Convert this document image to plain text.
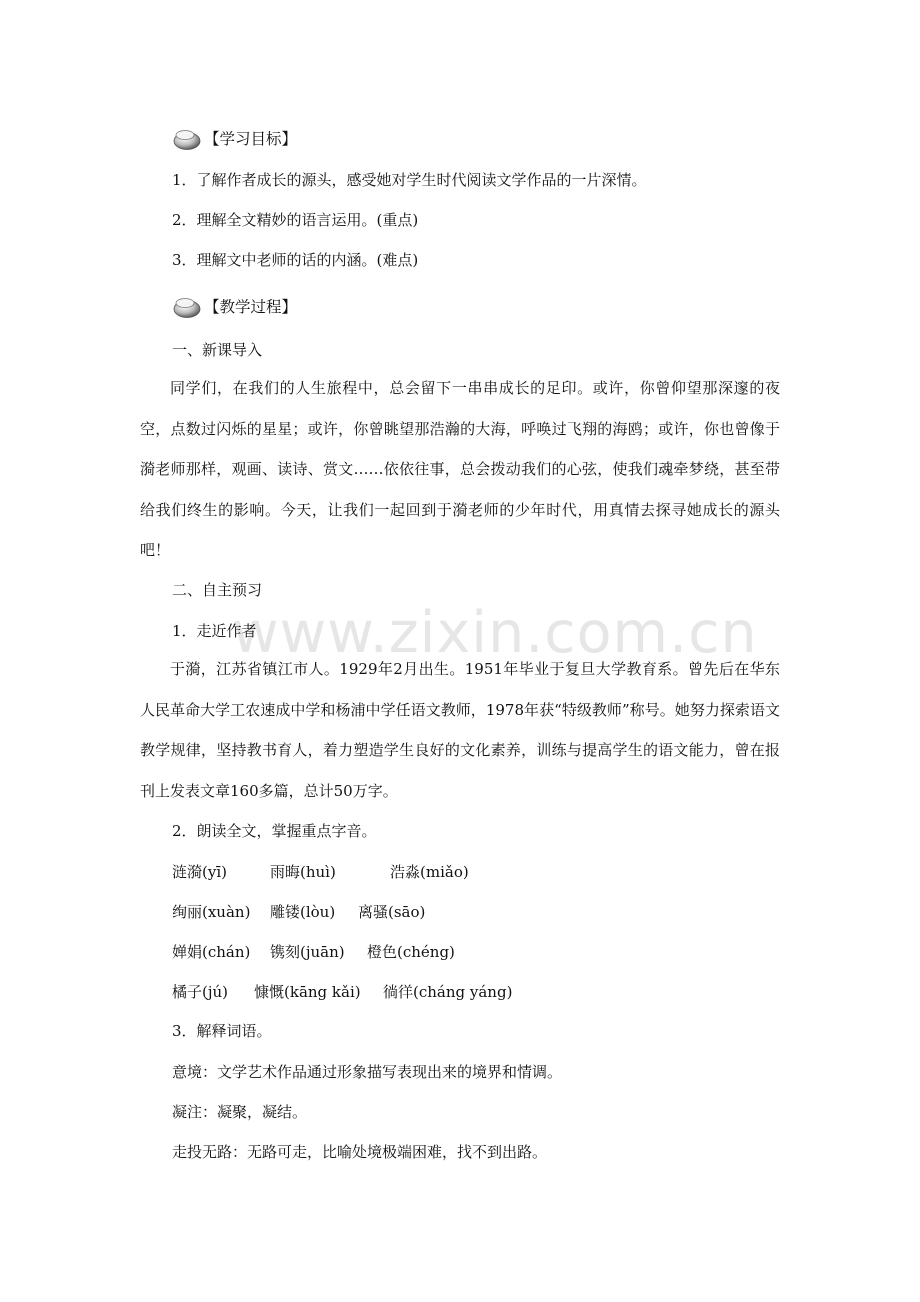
www.zixin.com.cn
【学习目标】
1．了解作者成长的源头，感受她对学生时代阅读文学作品的一片深情。
2．理解全文精妙的语言运用。(重点)
3．理解文中老师的话的内涵。(难点)
【教学过程】
一、新课导入
同学们，在我们的人生旅程中，总会留下一串串成长的足印。或许，你曾仰望那深邃的夜空，点数过闪烁的星星；或许，你曾眺望那浩瀚的大海，呼唤过飞翔的海鸥；或许，你也曾像于漪老师那样，观画、读诗、赏文……依依往事，总会拨动我们的心弦，使我们魂牵梦绕，甚至带给我们终生的影响。今天，让我们一起回到于漪老师的少年时代，用真情去探寻她成长的源头吧！
二、自主预习
1．走近作者
于漪，江苏省镇江市人。1929年2月出生。1951年毕业于复旦大学教育系。曾先后在华东人民革命大学工农速成中学和杨浦中学任语文教师，1978年获“特级教师”称号。她努力探索语文教学规律，坚持教书育人，着力塑造学生良好的文化素养，训练与提高学生的语文能力，曾在报刊上发表文章160多篇，总计50万字。
2．朗读全文，掌握重点字音。
涟漪(yī)	雨晦(huì)	浩淼(miǎo)
绚丽(xuàn) 雕镂(lòu) 离骚(sāo)
婵娟(chán) 镌刻(juān) 橙色(chéng)
橘子(jú) 慷慨(kāng kǎi) 徜徉(cháng yáng)
3．解释词语。
意境：文学艺术作品通过形象描写表现出来的境界和情调。
凝注：凝聚，凝结。
走投无路：无路可走，比喻处境极端困难，找不到出路。
